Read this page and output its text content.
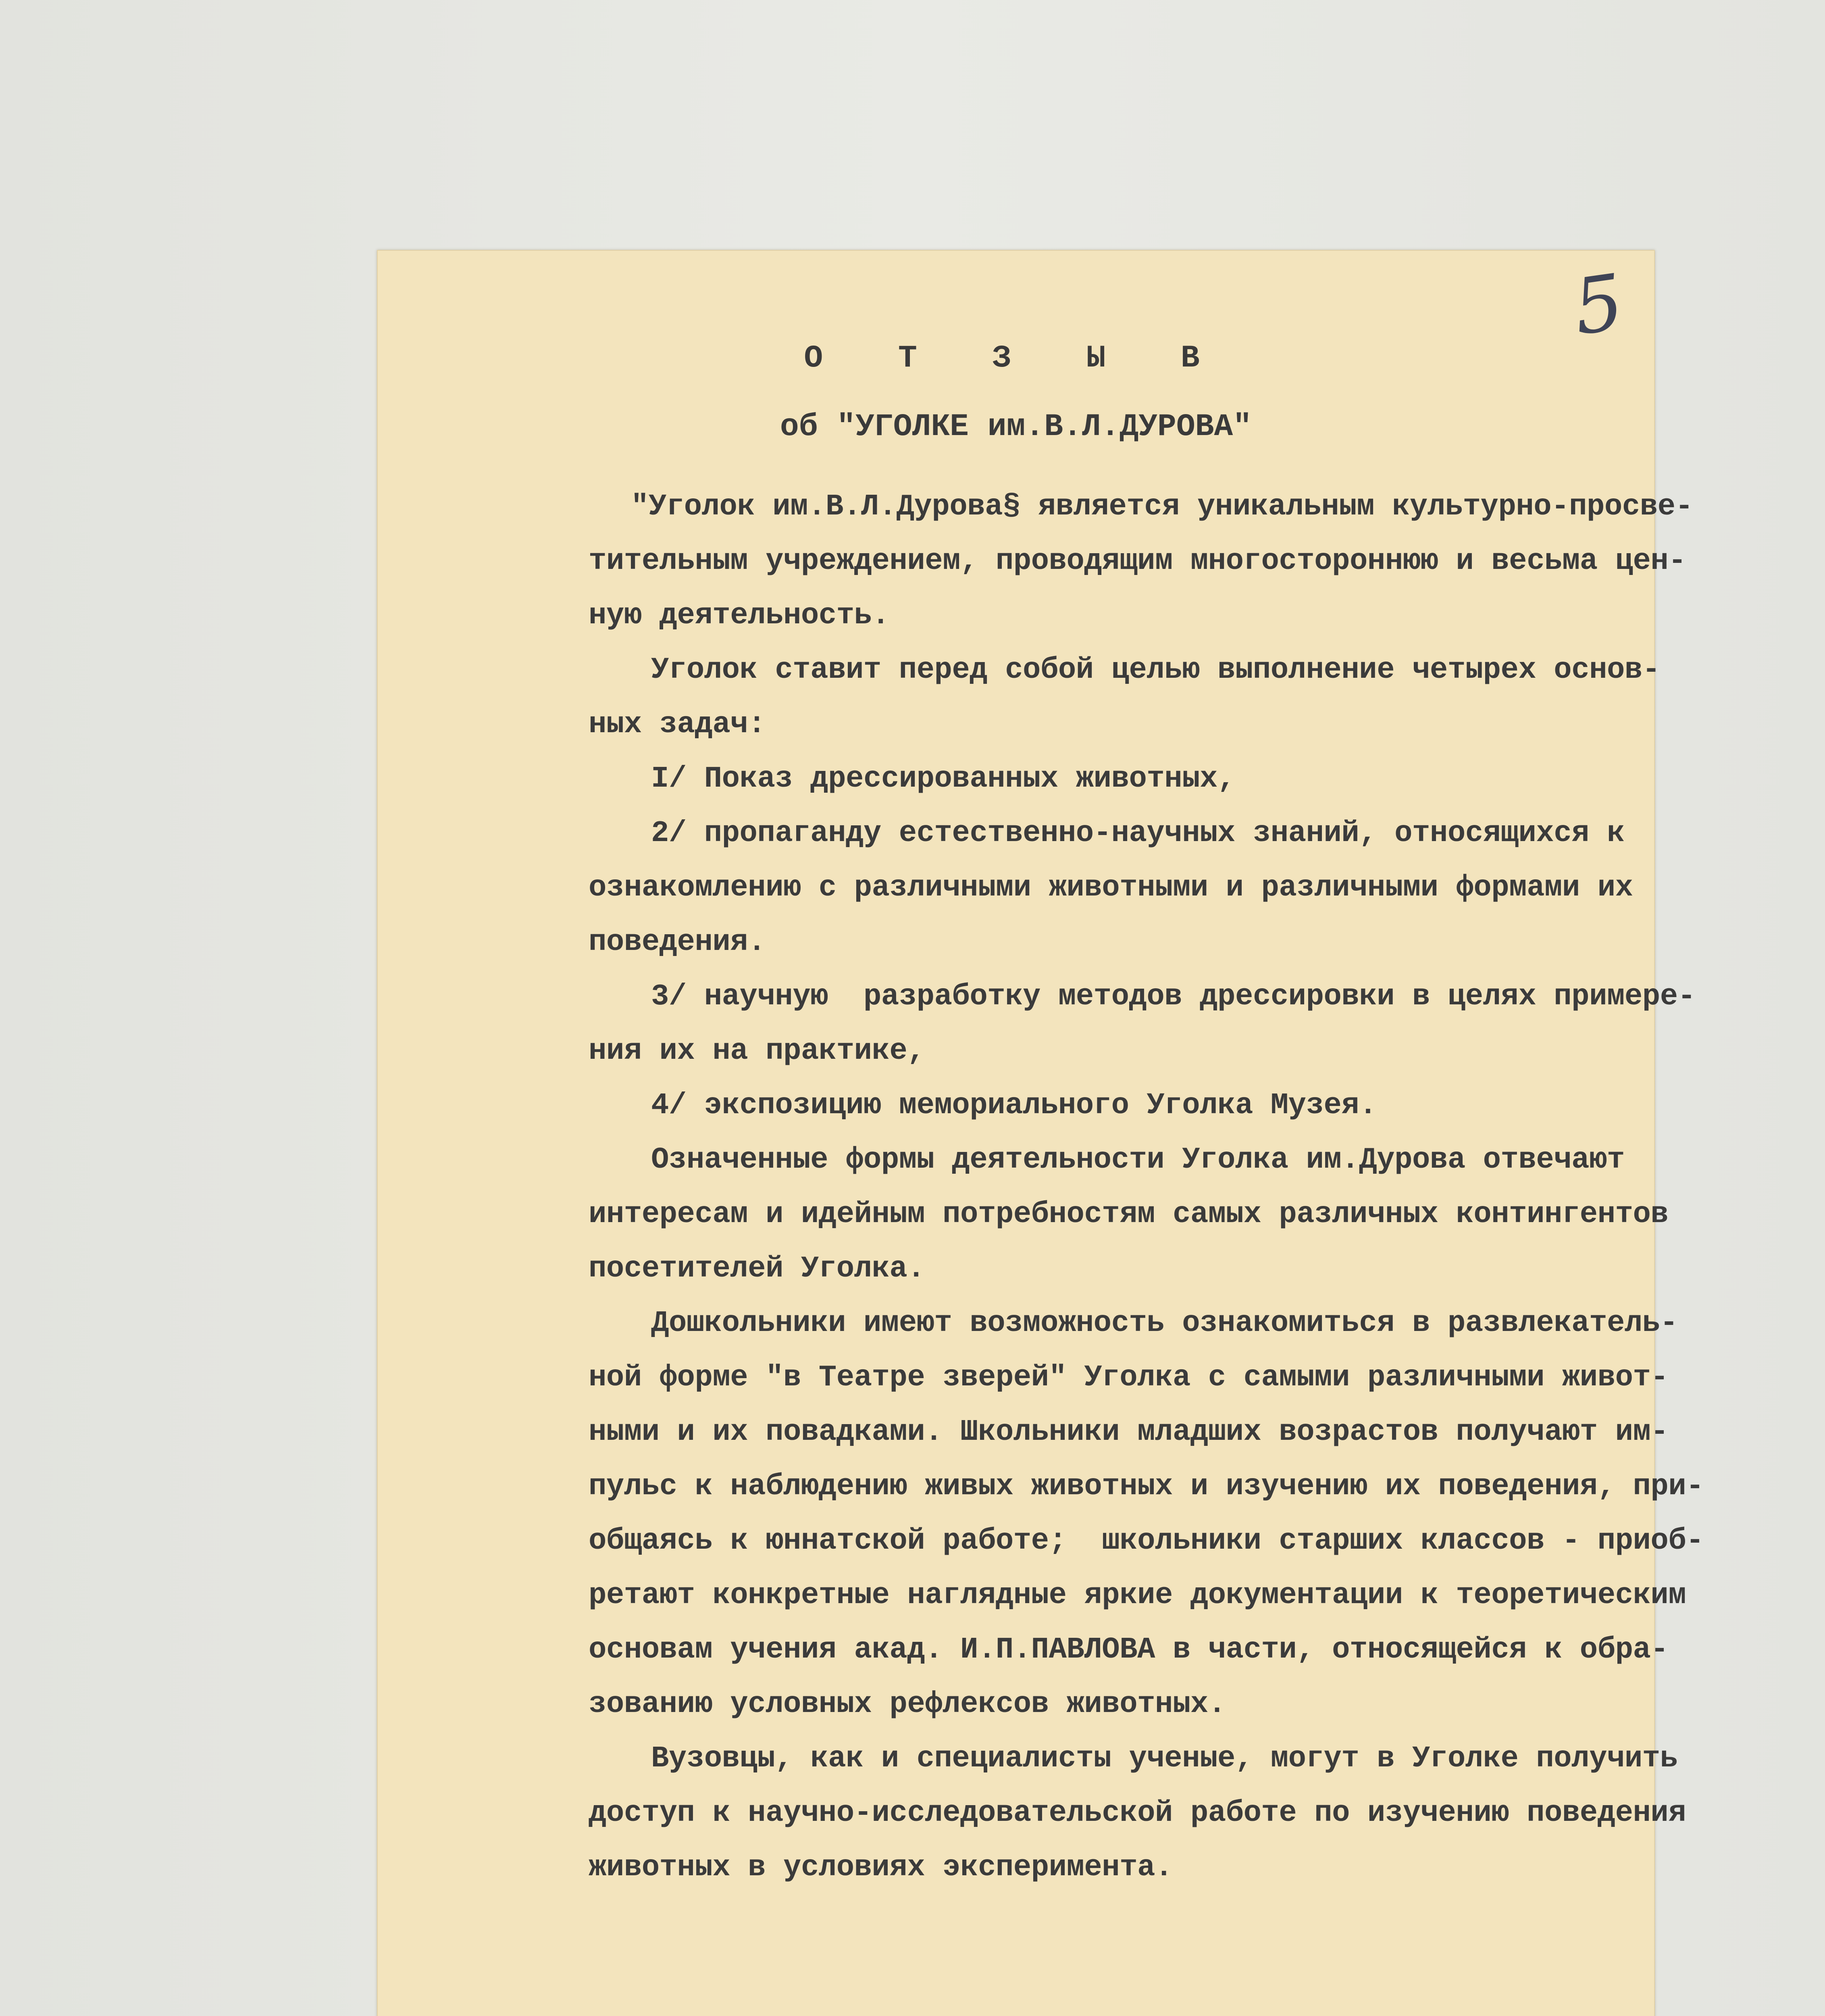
5
О Т З Ы В
об "УГОЛКЕ им.В.Л.ДУРОВА"
"Уголок им.В.Л.Дурова§ является уникальным культурно-просве-
тительным учреждением, проводящим многостороннюю и весьма цен-
ную деятельность.
Уголок ставит перед собой целью выполнение четырех основ-
ных задач:
I/ Показ дрессированных животных,
2/ пропаганду естественно-научных знаний, относящихся к
ознакомлению с различными животными и различными формами их
поведения.
3/ научную  разработку методов дрессировки в целях примере-
ния их на практике,
4/ экспозицию мемориального Уголка Музея.
Означенные формы деятельности Уголка им.Дурова отвечают
интересам и идейным потребностям самых различных контингентов
посетителей Уголка.
Дошкольники имеют возможность ознакомиться в развлекатель-
ной форме "в Театре зверей" Уголка с самыми различными живот-
ными и их повадками. Школьники младших возрастов получают им-
пульс к наблюдению живых животных и изучению их поведения, при-
общаясь к юннатской работе;  школьники старших классов - приоб-
ретают конкретные наглядные яркие документации к теоретическим
основам учения акад. И.П.ПАВЛОВА в части, относящейся к обра-
зованию условных рефлексов животных.
Вузовцы, как и специалисты ученые, могут в Уголке получить
доступ к научно-исследовательской работе по изучению поведения
животных в условиях эксперимента.
